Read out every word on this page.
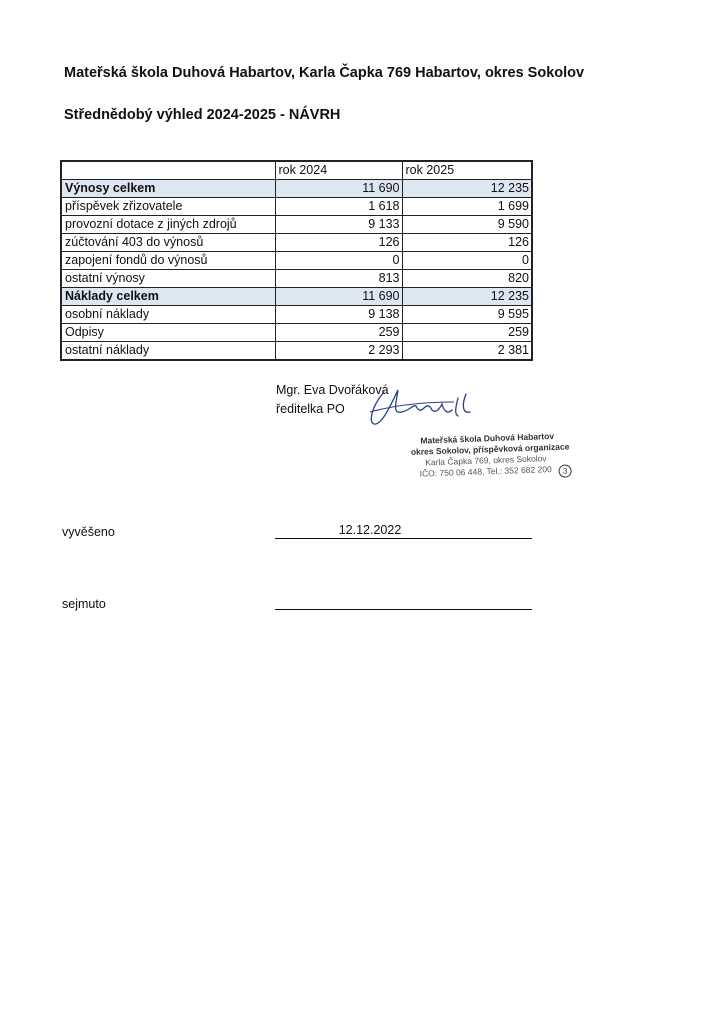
Mateřská škola Duhová Habartov, Karla Čapka 769 Habartov, okres Sokolov
Střednědobý výhled 2024-2025 - NÁVRH
	rok 2024	rok 2025
Výnosy celkem	11 690	12 235
příspěvek zřizovatele	1 618	1 699
provozní dotace z jiných zdrojů	9 133	9 590
zúčtování 403 do výnosů	126	126
zapojení fondů do výnosů	0	0
ostatní výnosy	813	820
Náklady celkem	11 690	12 235
osobní náklady	9 138	9 595
Odpisy	259	259
ostatní náklady	2 293	2 381
Mgr. Eva Dvořáková
ředitelka PO
Mateřská škola Duhová Habartov
okres Sokolov, příspěvková organizace
Karla Čapka 769, okres Sokolov
IČO: 750 06 448, Tel.: 352 682 200	3
vyvěšeno	12.12.2022
sejmuto
